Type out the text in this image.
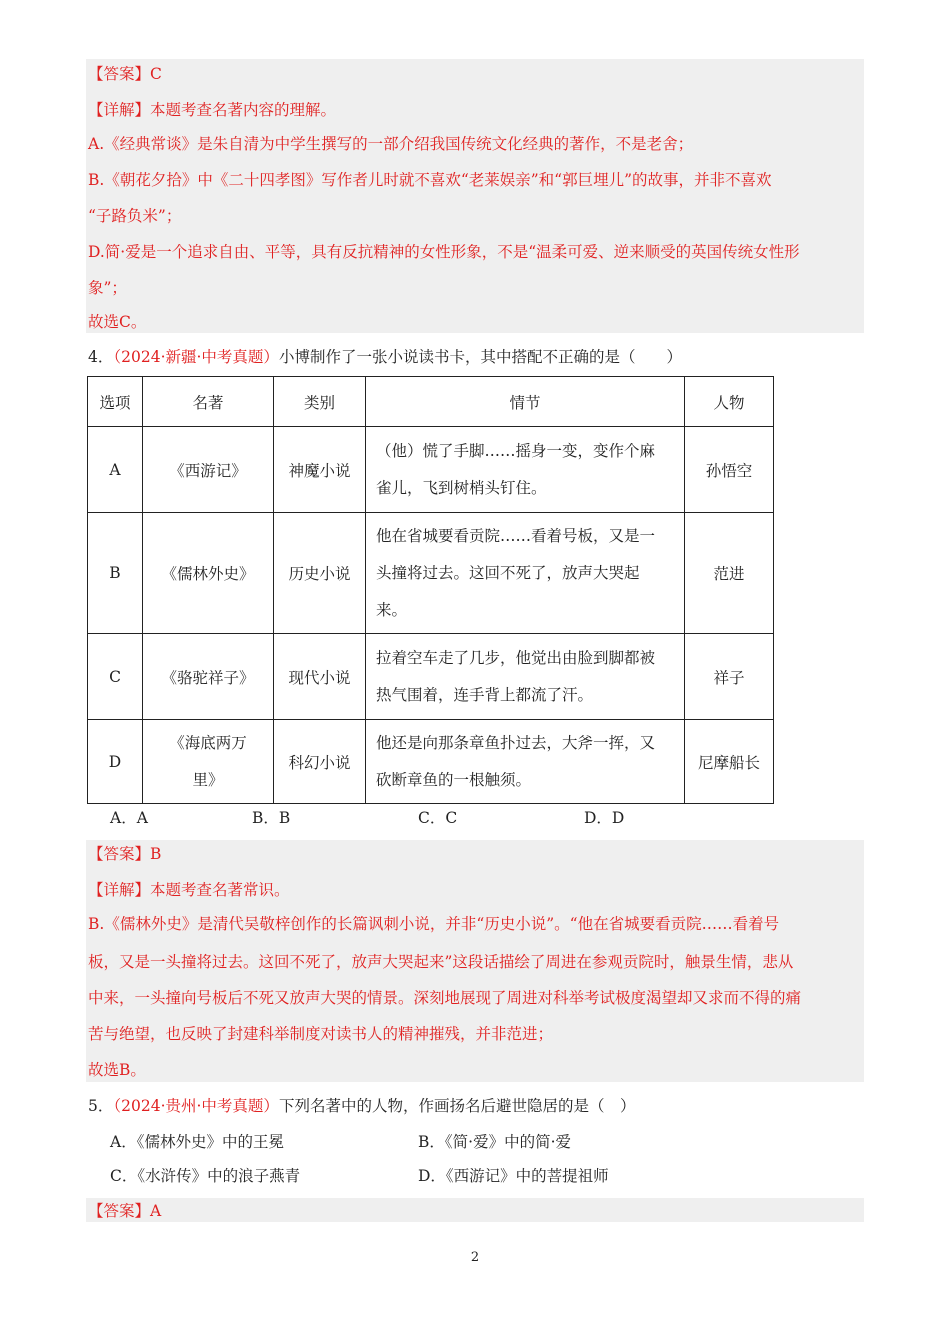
【答案】C
【详解】本题考查名著内容的理解。
A.《经典常谈》是朱自清为中学生撰写的一部介绍我国传统文化经典的著作，不是老舍；
B.《朝花夕拾》中《二十四孝图》写作者儿时就不喜欢“老莱娱亲”和“郭巨埋儿”的故事，并非不喜欢
“子路负米”；
D.简·爱是一个追求自由、平等，具有反抗精神的女性形象，不是“温柔可爱、逆来顺受的英国传统女性形
象”；
故选C。
4．（2024·新疆·中考真题）小博制作了一张小说读书卡，其中搭配不正确的是（　　）
选项	名著	类别	情节	人物
A	《西游记》	神魔小说	（他）慌了手脚……摇身一变，变作个麻
雀儿，飞到树梢头钉住。	孙悟空
B	《儒林外史》	历史小说	他在省城要看贡院……看着号板，又是一
头撞将过去。这回不死了，放声大哭起
来。	范进
C	《骆驼祥子》	现代小说	拉着空车走了几步，他觉出由脸到脚都被
热气围着，连手背上都流了汗。	祥子
D	《海底两万
里》	科幻小说	他还是向那条章鱼扑过去，大斧一挥，又
砍断章鱼的一根触须。	尼摩船长
A．A	B．B	C．C	D．D
【答案】B
【详解】本题考查名著常识。
B.《儒林外史》是清代吴敬梓创作的长篇讽刺小说，并非“历史小说”。“他在省城要看贡院……看着号
板，又是一头撞将过去。这回不死了，放声大哭起来”这段话描绘了周进在参观贡院时，触景生情，悲从
中来，一头撞向号板后不死又放声大哭的情景。深刻地展现了周进对科举考试极度渴望却又求而不得的痛
苦与绝望，也反映了封建科举制度对读书人的精神摧残，并非范进；
故选B。
5．（2024·贵州·中考真题）下列名著中的人物，作画扬名后避世隐居的是（　）
A．《儒林外史》中的王冕	B．《简·爱》中的简·爱
C．《水浒传》中的浪子燕青	D．《西游记》中的菩提祖师
【答案】A
2
